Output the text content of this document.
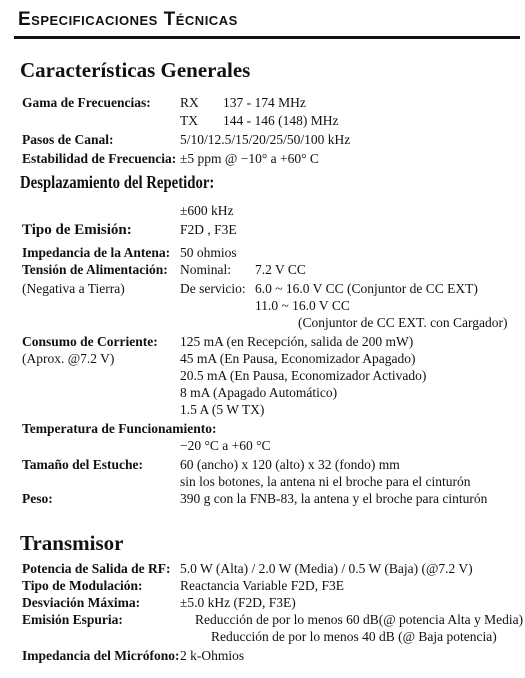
Especificaciones Técnicas
Características Generales
Gama de Frecuencias: RX 137 - 174 MHz
TX 144 - 146 (148) MHz
Pasos de Canal:	5/10/12.5/15/20/25/50/100 kHz
Estabilidad de Frecuencia: ±5 ppm @ −10° a +60° C
Desplazamiento del Repetidor:
±600 kHz
Tipo de Emisión:	F2D , F3E
Impedancia de la Antena: 50 ohmios
Tensión de Alimentación: Nominal: 7.2 V CC
(Negativa a Tierra)	De servicio: 6.0 ~ 16.0 V CC (Conjuntor de CC EXT)
11.0 ~ 16.0 V CC
(Conjuntor de CC EXT. con Cargador)
Consumo de Corriente:
(Aprox. @7.2 V)
125 mA (en Recepción, salida de 200 mW)
45 mA (En Pausa, Economizador Apagado)
20.5 mA (En Pausa, Economizador Activado)
8 mA (Apagado Automático)
1.5 A (5 W TX)
Temperatura de Funcionamiento:
−20 °C a +60 °C
Tamaño del Estuche:	60 (ancho) x 120 (alto) x 32 (fondo) mm
sin los botones, la antena ni el broche para el cinturón
Peso:	390 g con la FNB-83, la antena y el broche para cinturón
Transmisor
Potencia de Salida de RF: 5.0 W (Alta) / 2.0 W (Media) / 0.5 W (Baja) (@7.2 V)
Tipo de Modulación:	Reactancia Variable F2D, F3E
Desviación Máxima:	±5.0 kHz (F2D, F3E)
Emisión Espuria:	Reducción de por lo menos 60 dB(@ potencia Alta y Media)
Reducción de por lo menos 40 dB (@ Baja potencia)
Impedancia del Micrófono: 2 k-Ohmios
